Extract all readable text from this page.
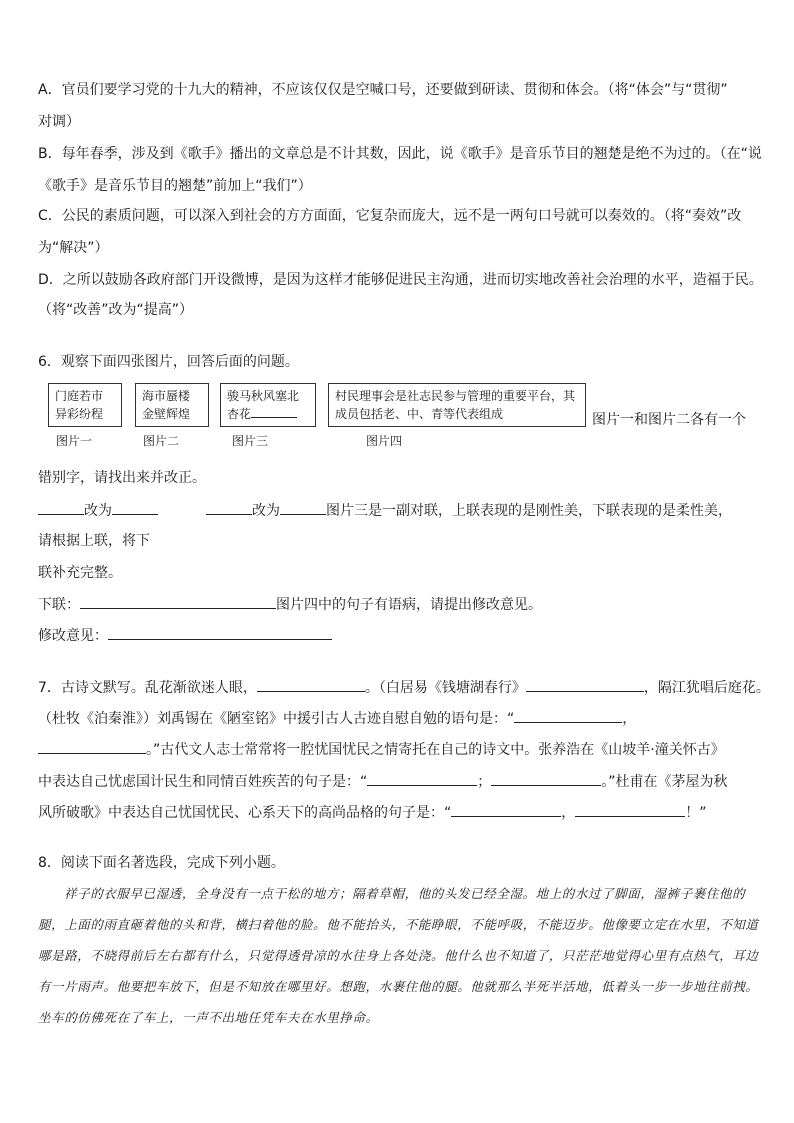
A．官员们要学习党的十九大的精神，不应该仅仅是空喊口号，还要做到研读、贯彻和体会。（将“体会”与“贯彻”
对调）
B．每年春季，涉及到《歌手》播出的文章总是不计其数，因此，说《歌手》是音乐节目的翘楚是绝不为过的。（在“说
《歌手》是音乐节目的翘楚”前加上“我们”）
C．公民的素质问题，可以深入到社会的方方面面，它复杂而庞大，远不是一两句口号就可以奏效的。（将“奏效”改
为“解决”）
D．之所以鼓励各政府部门开设微博，是因为这样才能够促进民主沟通，进而切实地改善社会治理的水平，造福于民。
（将“改善”改为“提高”）
6．观察下面四张图片，回答后面的问题。
门庭若市
异彩纷程
图片一
海市蜃楼
金壁辉煌
图片二
骏马秋风塞北
杏花
图片三
村民理事会是社志民参与管理的重要平台，其
成员包括老、中、青等代表组成
图片四
图片一和图片二各有一个
错别字，请找出来并改正。
改为	改为	图片三是一副对联，上联表现的是刚性美，下联表现的是柔性美，
请根据上联，将下
联补充完整。
下联：	图片四中的句子有语病，请提出修改意见。
修改意见：
7．古诗文默写。乱花渐欲迷人眼，	。（白居易《钱塘湖春行》	，隔江犹唱后庭花。
（杜牧《泊秦淮》）刘禹锡在《陋室铭》中援引古人古迹自慰自勉的语句是：“	，
。”古代文人志士常常将一腔忧国忧民之情寄托在自己的诗文中。张养浩在《山坡羊·潼关怀古》
中表达自己忧虑国计民生和同情百姓疾苦的句子是：“	；	。”杜甫在《茅屋为秋
风所破歌》中表达自己忧国忧民、心系天下的高尚品格的句子是：“	，	！”
8．阅读下面名著选段，完成下列小题。
祥子的衣服早已湿透，全身没有一点干松的地方；隔着草帽，他的头发已经全湿。地上的水过了脚面，湿裤子裹住他的腿，上面的雨直砸着他的头和背，横扫着他的脸。他不能抬头，不能睁眼，不能呼吸，不能迈步。他像要立定在水里，不知道哪是路，不晓得前后左右都有什么，只觉得透骨凉的水往身上各处浇。他什么也不知道了，只茫茫地觉得心里有点热气，耳边有一片雨声。他要把车放下，但是不知放在哪里好。想跑，水裹住他的腿。他就那么半死半活地，低着头一步一步地往前拽。坐车的仿佛死在了车上，一声不出地任凭车夫在水里挣命。
